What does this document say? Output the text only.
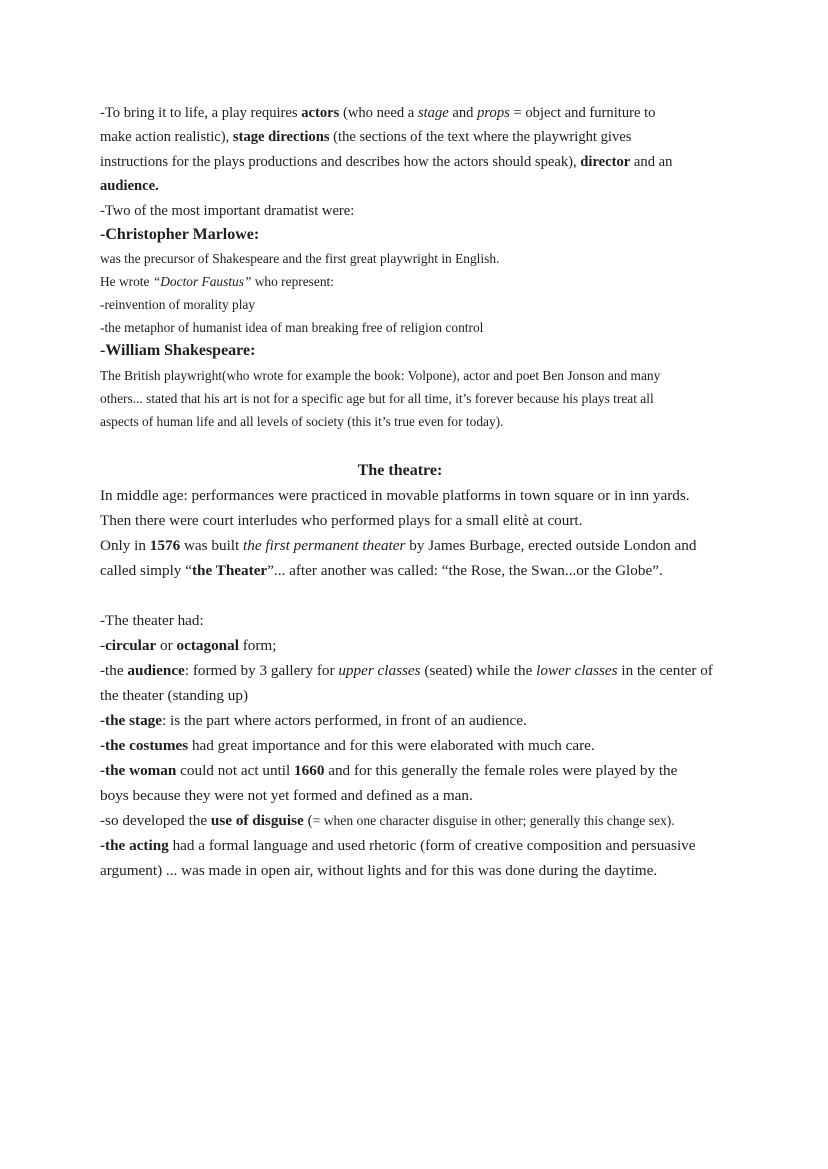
-To bring it to life, a play requires actors (who need a stage and props = object and furniture to

make action realistic), stage directions (the sections of the text where the playwright gives

instructions for the plays productions and describes how the actors should speak), director and an

audience.

-Two of the most important dramatist were:

-Christopher Marlowe:

was the precursor of Shakespeare and the first great playwright in English.

He wrote “Doctor Faustus” who represent:

-reinvention of morality play

-the metaphor of humanist idea of man breaking free of religion control

-William Shakespeare:

The British playwright(who wrote for example the book: Volpone), actor and poet Ben Jonson and many

others... stated that his art is not for a specific age but for all time, it’s forever because his plays treat all

aspects of human life and all levels of society (this it’s true even for today).

The theatre:

In middle age: performances were practiced in movable platforms in town square or in inn yards.

Then there were court interludes who performed plays for a small elitè at court.

Only in 1576 was built the first permanent theater by James Burbage, erected outside London and

called simply “the Theater”... after another was called: “the Rose, the Swan...or the Globe”.

-The theater had:

-circular or octagonal form;

-the audience: formed by 3 gallery for upper classes (seated) while the lower classes in the center of

the theater (standing up)

-the stage: is the part where actors performed, in front of an audience.

-the costumes had great importance and for this were elaborated with much care.

-the woman could not act until 1660 and for this generally the female roles were played by the

boys because they were not yet formed and defined as a man.

-so developed the use of disguise (= when one character disguise in other; generally this change sex).

-the acting had a formal language and used rhetoric (form of creative composition and persuasive

argument) ... was made in open air, without lights and for this was done during the daytime.
